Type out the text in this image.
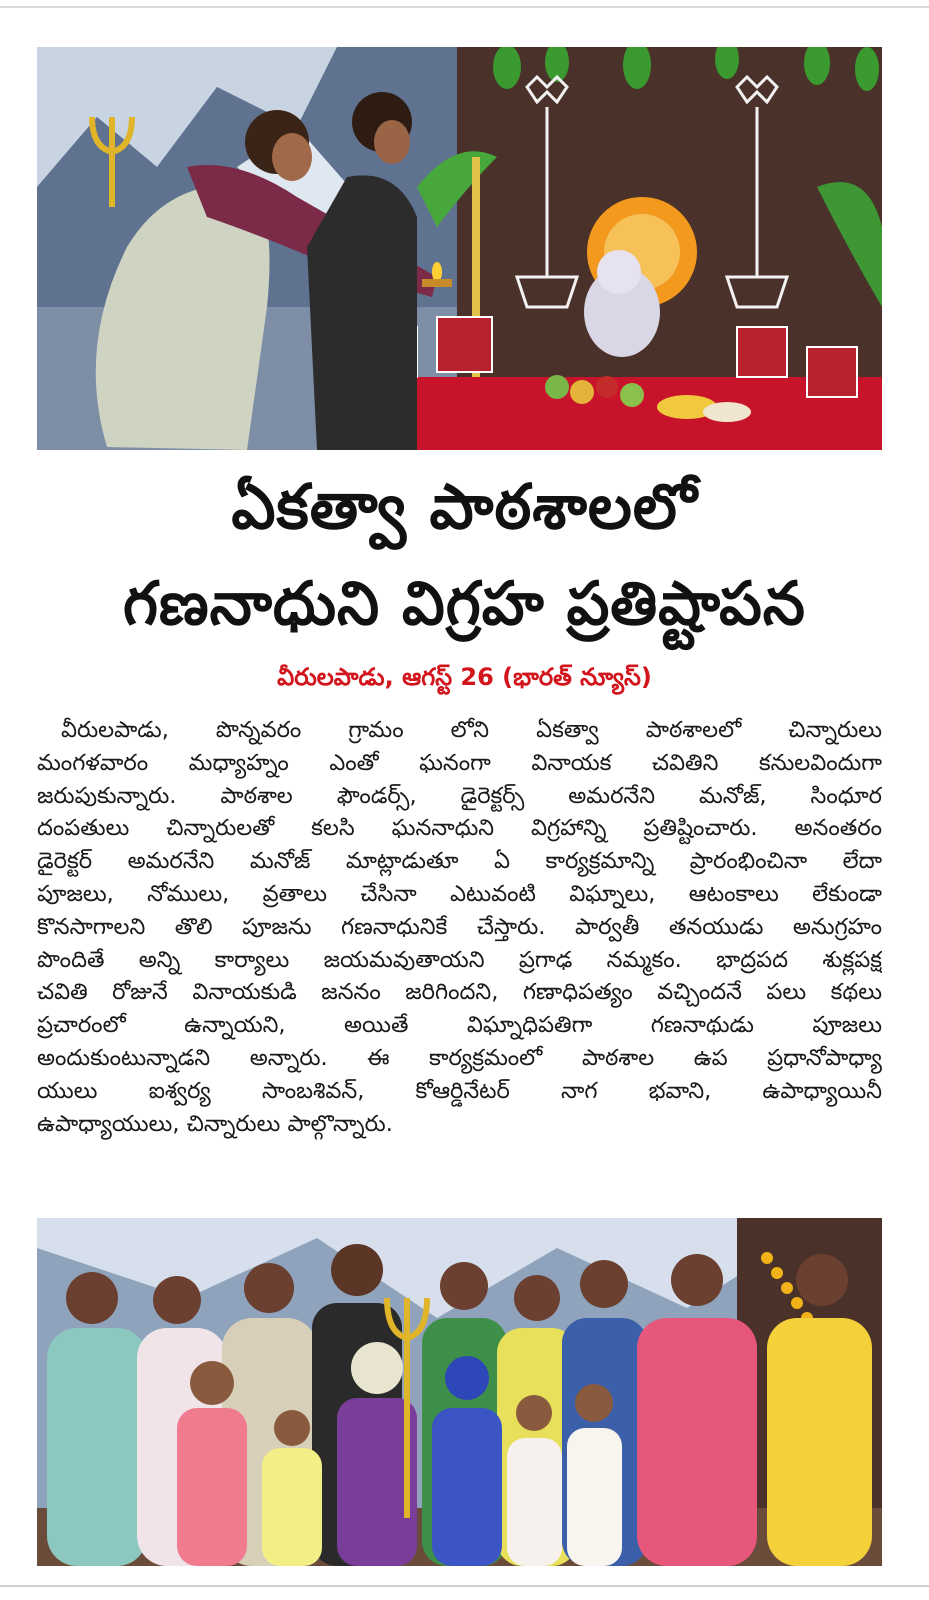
ఏకత్వా పాఠశాలలో
గణనాధుని విగ్రహ ప్రతిష్టాపన
వీరులపాడు, ఆగస్ట్ 26 (భారత్ న్యూస్)
వీరులపాడు, పొన్నవరం గ్రామం లోని ఏకత్వా పాఠశాలలో చిన్నారులు
మంగళవారం మధ్యాహ్నం ఎంతో ఘనంగా వినాయక చవితిని కనులవిందుగా
జరుపుకున్నారు. పాఠశాల ఫౌండర్స్, డైరెక్టర్స్ అమరనేని మనోజ్, సింధూర
దంపతులు చిన్నారులతో కలసి ఘననాధుని విగ్రహాన్ని ప్రతిష్టించారు. అనంతరం
డైరెక్టర్ అమరనేని మనోజ్ మాట్లాడుతూ ఏ కార్యక్రమాన్ని ప్రారంభించినా లేదా
పూజలు, నోములు, వ్రతాలు చేసినా ఎటువంటి విఘ్నాలు, ఆటంకాలు లేకుండా
కొనసాగాలని తొలి పూజను గణనాధునికే చేస్తారు. పార్వతీ తనయుడు అనుగ్రహం
పొందితే అన్ని కార్యాలు జయమవుతాయని ప్రగాఢ నమ్మకం. భాద్రపద శుక్లపక్ష
చవితి రోజునే వినాయకుడి జననం జరిగిందని, గణాధిపత్యం వచ్చిందనే పలు కథలు
ప్రచారంలో ఉన్నాయని, అయితే విఘ్నాధిపతిగా గణనాథుడు పూజలు
అందుకుంటున్నాడని అన్నారు. ఈ కార్యక్రమంలో పాఠశాల ఉప ప్రధానోపాధ్యా
యులు ఐశ్వర్య సాంబశివన్, కోఆర్డినేటర్ నాగ భవాని, ఉపాధ్యాయినీ
ఉపాధ్యాయులు, చిన్నారులు పాల్గొన్నారు.
